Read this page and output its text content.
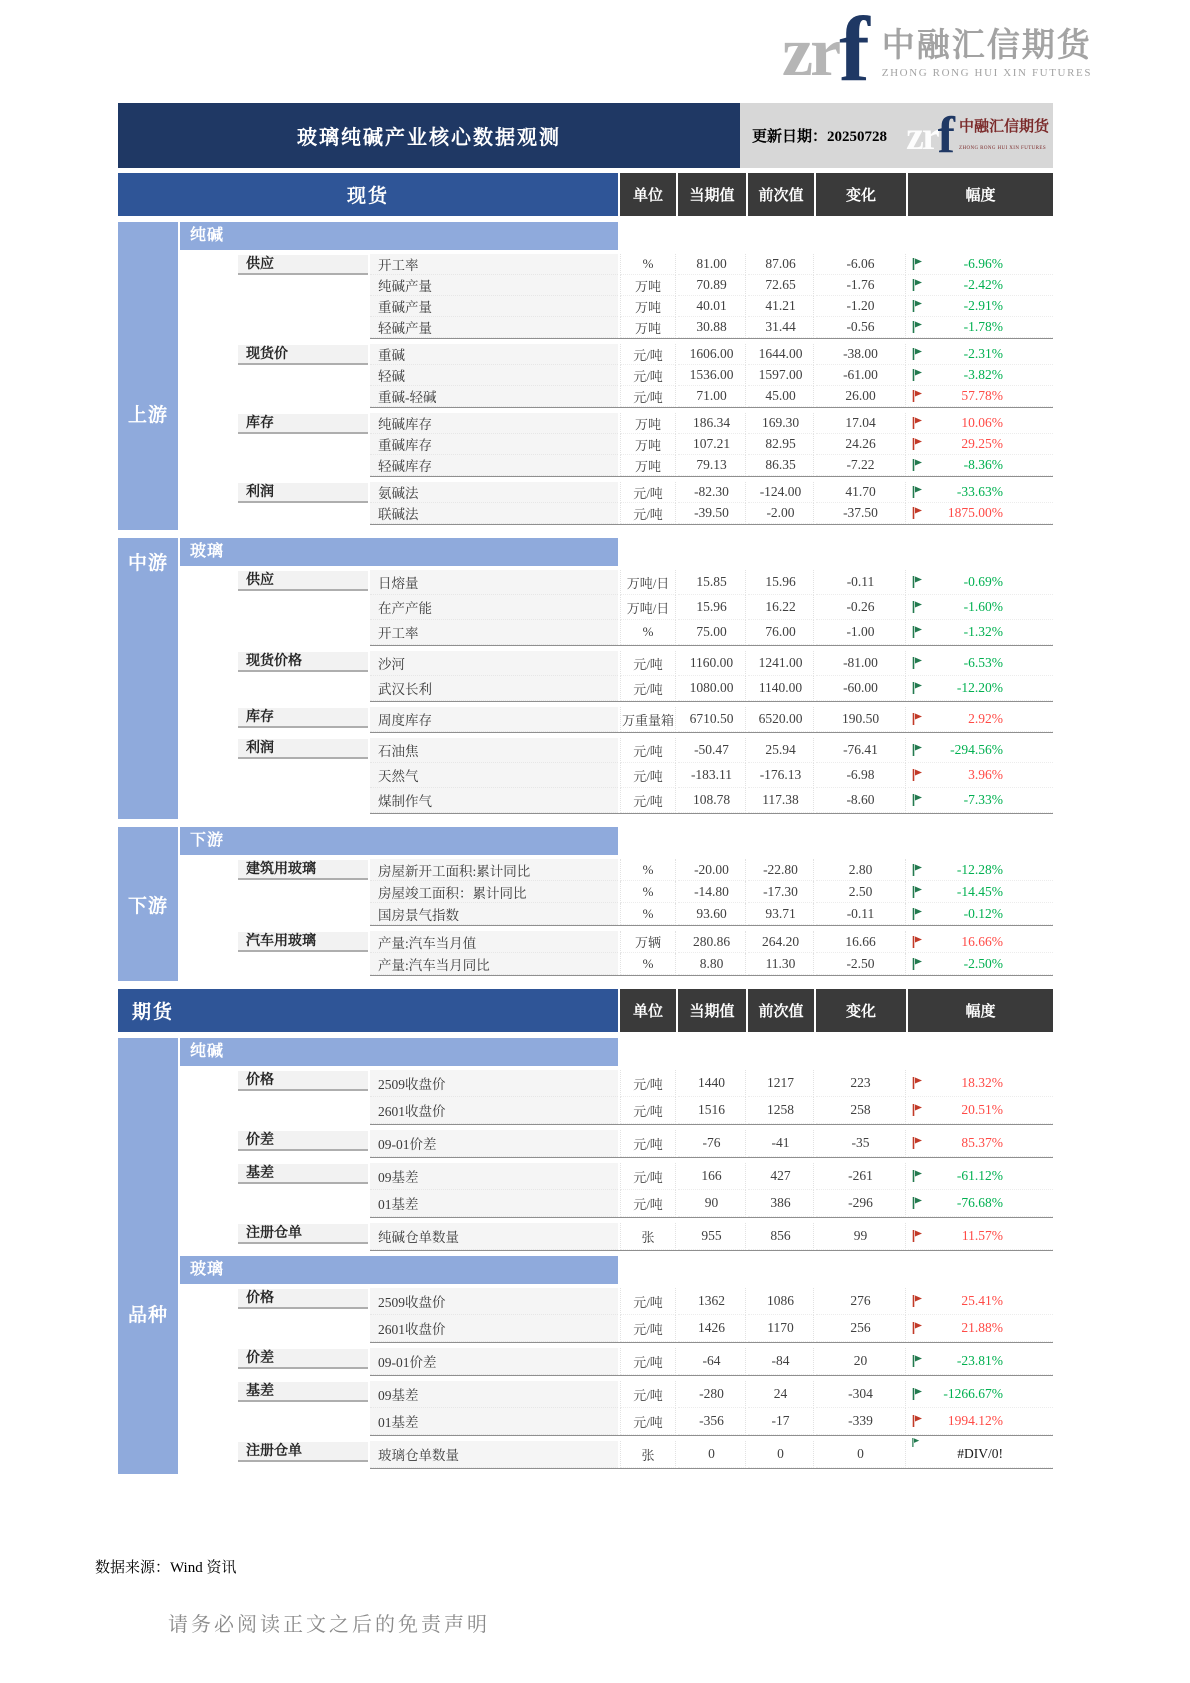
zr f 中融汇信期货
ZHONG RONG HUI XIN FUTURES
玻璃纯碱产业核心数据观测	更新日期：20250728 zr f 中融汇信期货
ZHONG RONG HUI XIN FUTURES
现货	单位	当期值	前次值	变化	幅度
上游
纯碱
供应	开工率	%	81.00	87.06	-6.06	-6.96%
纯碱产量	万吨	70.89	72.65	-1.76	-2.42%
重碱产量	万吨	40.01	41.21	-1.20	-2.91%
轻碱产量	万吨	30.88	31.44	-0.56	-1.78%
现货价	重碱	元/吨	1606.00	1644.00	-38.00	-2.31%
轻碱	元/吨	1536.00	1597.00	-61.00	-3.82%
重碱-轻碱	元/吨	71.00	45.00	26.00	57.78%
库存	纯碱库存	万吨	186.34	169.30	17.04	10.06%
重碱库存	万吨	107.21	82.95	24.26	29.25%
轻碱库存	万吨	79.13	86.35	-7.22	-8.36%
利润	氨碱法	元/吨	-82.30	-124.00	41.70	-33.63%
联碱法	元/吨	-39.50	-2.00	-37.50	1875.00%
中游
玻璃
供应	日熔量	万吨/日	15.85	15.96	-0.11	-0.69%
在产产能	万吨/日	15.96	16.22	-0.26	-1.60%
开工率	%	75.00	76.00	-1.00	-1.32%
现货价格	沙河	元/吨	1160.00	1241.00	-81.00	-6.53%
武汉长利	元/吨	1080.00	1140.00	-60.00	-12.20%
库存	周度库存	万重量箱	6710.50	6520.00	190.50	2.92%
利润	石油焦	元/吨	-50.47	25.94	-76.41	-294.56%
天然气	元/吨	-183.11	-176.13	-6.98	3.96%
煤制作气	元/吨	108.78	117.38	-8.60	-7.33%
下游
下游
建筑用玻璃	房屋新开工面积:累计同比	%	-20.00	-22.80	2.80	-12.28%
房屋竣工面积：累计同比	%	-14.80	-17.30	2.50	-14.45%
国房景气指数	%	93.60	93.71	-0.11	-0.12%
汽车用玻璃	产量:汽车当月值	万辆	280.86	264.20	16.66	16.66%
产量:汽车当月同比	%	8.80	11.30	-2.50	-2.50%
期货	单位	当期值	前次值	变化	幅度
品种
纯碱
价格	2509收盘价	元/吨	1440	1217	223	18.32%
2601收盘价	元/吨	1516	1258	258	20.51%
价差	09-01价差	元/吨	-76	-41	-35	85.37%
基差	09基差	元/吨	166	427	-261	-61.12%
01基差	元/吨	90	386	-296	-76.68%
注册仓单	纯碱仓单数量	张	955	856	99	11.57%
玻璃
价格	2509收盘价	元/吨	1362	1086	276	25.41%
2601收盘价	元/吨	1426	1170	256	21.88%
价差	09-01价差	元/吨	-64	-84	20	-23.81%
基差	09基差	元/吨	-280	24	-304	-1266.67%
01基差	元/吨	-356	-17	-339	1994.12%
注册仓单	玻璃仓单数量	张	0	0	0	#DIV/0!
数据来源：Wind 资讯
请务必阅读正文之后的免责声明
